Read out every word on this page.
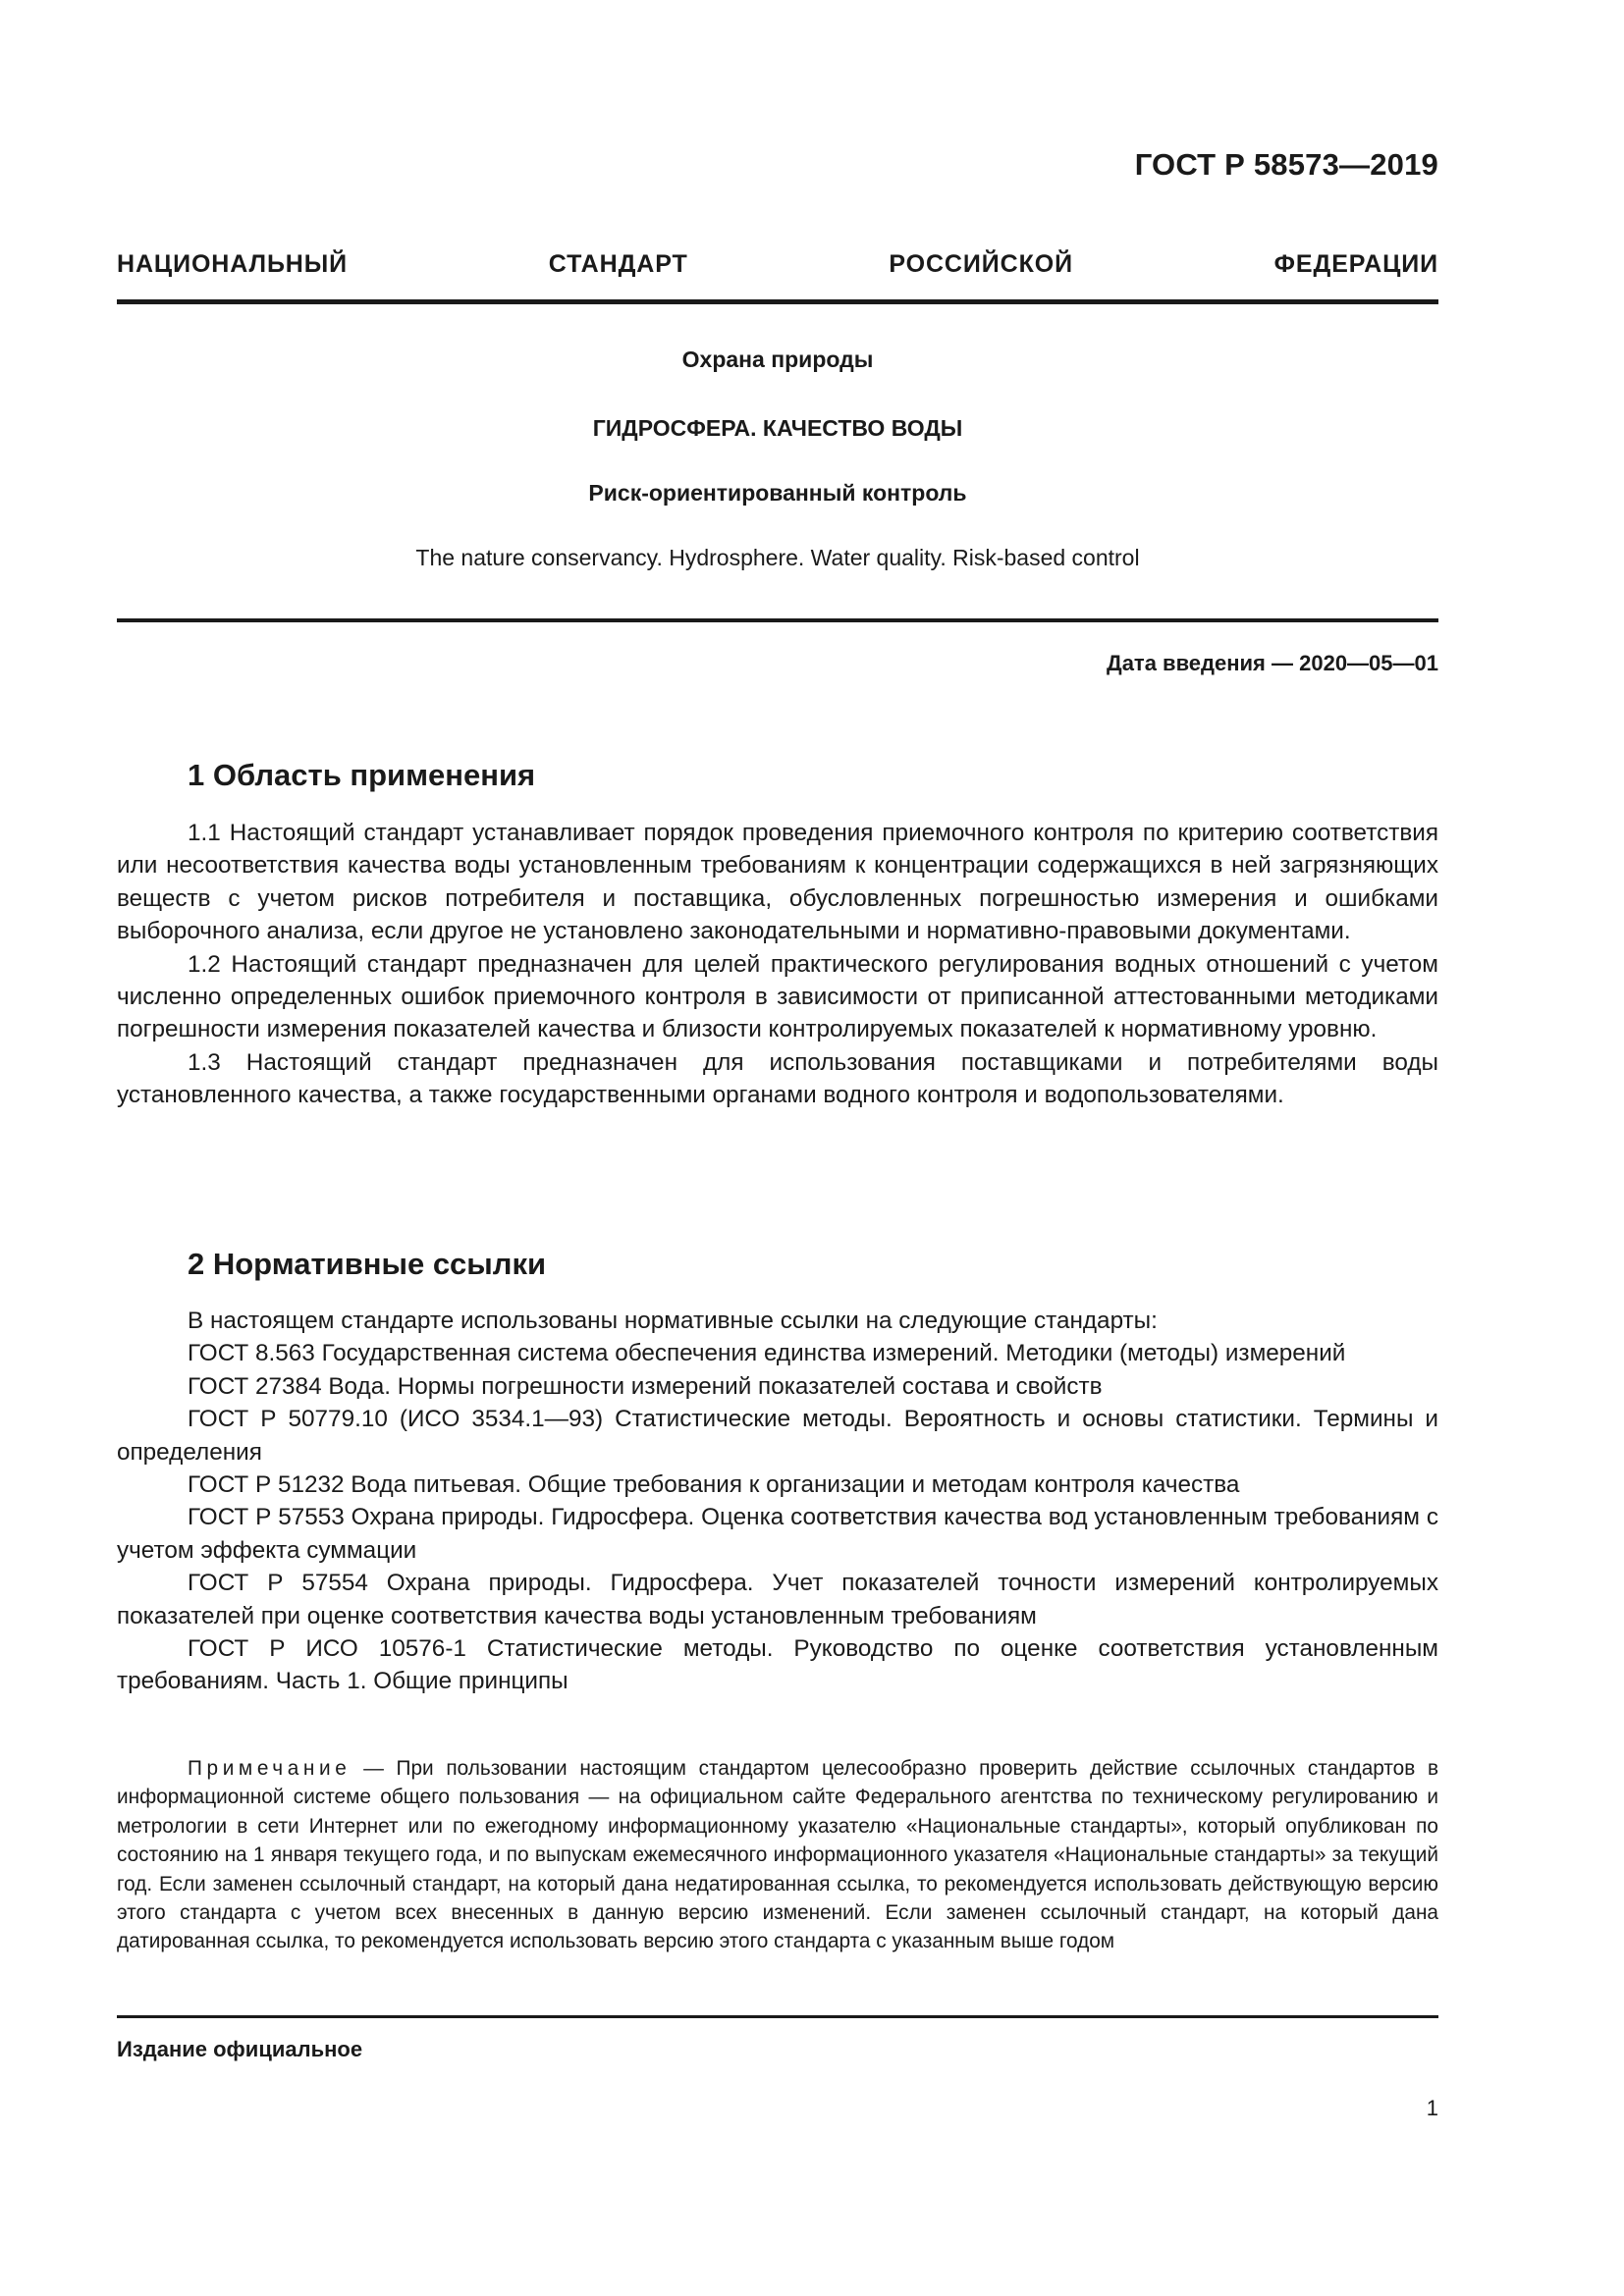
ГОСТ Р 58573—2019
НАЦИОНАЛЬНЫЙ СТАНДАРТ РОССИЙСКОЙ ФЕДЕРАЦИИ
Охрана природы
ГИДРОСФЕРА. КАЧЕСТВО ВОДЫ
Риск-ориентированный контроль
The nature conservancy. Hydrosphere. Water quality. Risk-based control
Дата введения — 2020—05—01
1 Область применения

1.1 Настоящий стандарт устанавливает порядок проведения приемочного контроля по критерию соответствия или несоответствия качества воды установленным требованиям к концентрации содержащихся в ней загрязняющих веществ с учетом рисков потребителя и поставщика, обусловленных погрешностью измерения и ошибками выборочного анализа, если другое не установлено законодательными и нормативно-правовыми документами.

1.2 Настоящий стандарт предназначен для целей практического регулирования водных отношений с учетом численно определенных ошибок приемочного контроля в зависимости от приписанной аттестованными методиками погрешности измерения показателей качества и близости контролируемых показателей к нормативному уровню.

1.3 Настоящий стандарт предназначен для использования поставщиками и потребителями воды установленного качества, а также государственными органами водного контроля и водопользователями.

2 Нормативные ссылки

В настоящем стандарте использованы нормативные ссылки на следующие стандарты:

ГОСТ 8.563 Государственная система обеспечения единства измерений. Методики (методы) измерений

ГОСТ 27384 Вода. Нормы погрешности измерений показателей состава и свойств

ГОСТ Р 50779.10 (ИСО 3534.1—93) Статистические методы. Вероятность и основы статистики. Термины и определения

ГОСТ Р 51232 Вода питьевая. Общие требования к организации и методам контроля качества

ГОСТ Р 57553 Охрана природы. Гидросфера. Оценка соответствия качества вод установленным требованиям с учетом эффекта суммации

ГОСТ Р 57554 Охрана природы. Гидросфера. Учет показателей точности измерений контролируемых показателей при оценке соответствия качества воды установленным требованиям

ГОСТ Р ИСО 10576-1 Статистические методы. Руководство по оценке соответствия установленным требованиям. Часть 1. Общие принципы

Примечание — При пользовании настоящим стандартом целесообразно проверить действие ссылочных стандартов в информационной системе общего пользования — на официальном сайте Федерального агентства по техническому регулированию и метрологии в сети Интернет или по ежегодному информационному указателю «Национальные стандарты», который опубликован по состоянию на 1 января текущего года, и по выпускам ежемесячного информационного указателя «Национальные стандарты» за текущий год. Если заменен ссылочный стандарт, на который дана недатированная ссылка, то рекомендуется использовать действующую версию этого стандарта с учетом всех внесенных в данную версию изменений. Если заменен ссылочный стандарт, на который дана датированная ссылка, то рекомендуется использовать версию этого стандарта с указанным выше годом

Издание официальное
1
